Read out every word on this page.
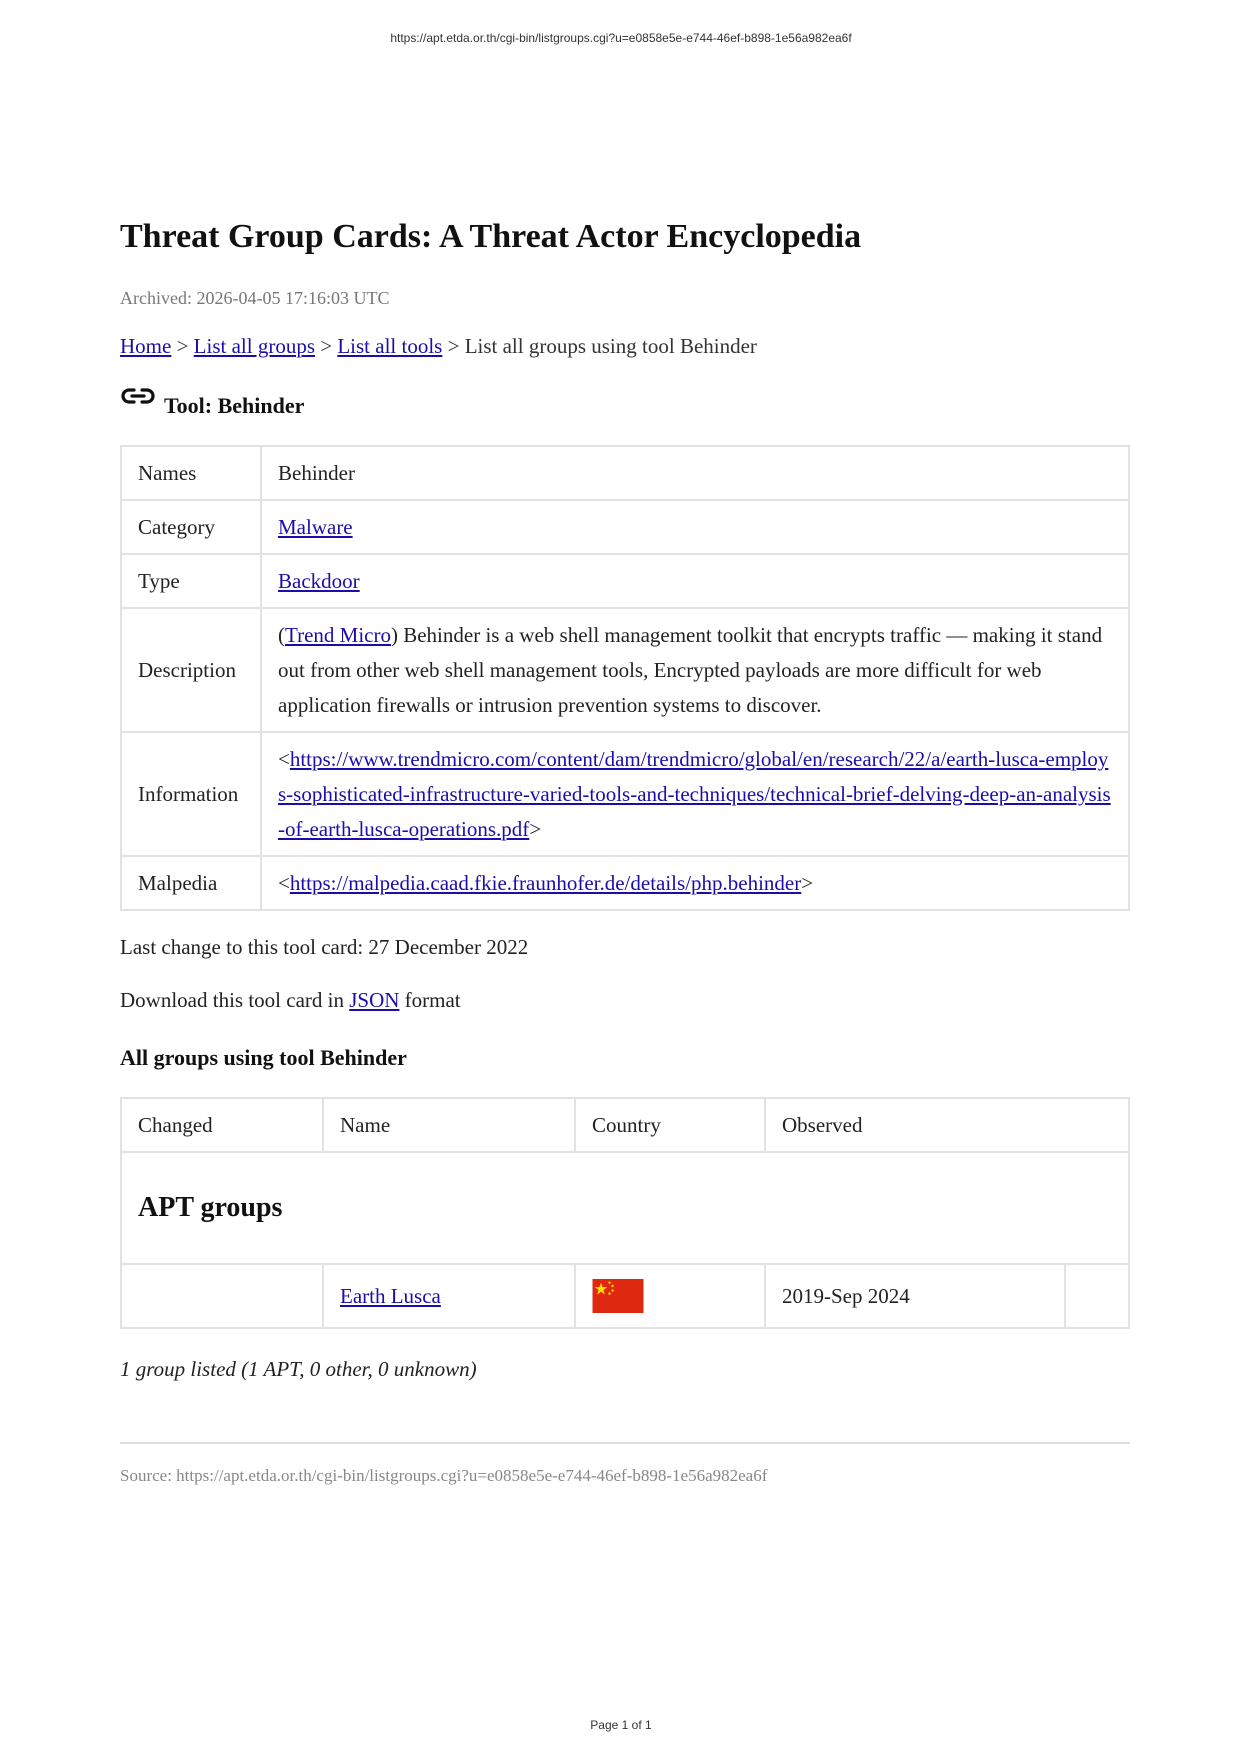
https://apt.etda.or.th/cgi-bin/listgroups.cgi?u=e0858e5e-e744-46ef-b898-1e56a982ea6f
Threat Group Cards: A Threat Actor Encyclopedia
Archived: 2026-04-05 17:16:03 UTC
Home > List all groups > List all tools > List all groups using tool Behinder
Tool: Behinder
Names	Behinder
Category	Malware
Type	Backdoor
Description	(Trend Micro) Behinder is a web shell management toolkit that encrypts traffic — making it stand out from other web shell management tools, Encrypted payloads are more difficult for web application firewalls or intrusion prevention systems to discover.
Information	<https://www.trendmicro.com/content/dam/trendmicro/global/en/research/22/a/earth-lusca-employs-sophisticated-infrastructure-varied-tools-and-techniques/technical-brief-delving-deep-an-analysis-of-earth-lusca-operations.pdf>
Malpedia	<https://malpedia.caad.fkie.fraunhofer.de/details/php.behinder>
Last change to this tool card: 27 December 2022
Download this tool card in JSON format
All groups using tool Behinder
Changed	Name	Country	Observed	
APT groups				
	Earth Lusca		2019-Sep 2024	
1 group listed (1 APT, 0 other, 0 unknown)
Source: https://apt.etda.or.th/cgi-bin/listgroups.cgi?u=e0858e5e-e744-46ef-b898-1e56a982ea6f
Page 1 of 1
